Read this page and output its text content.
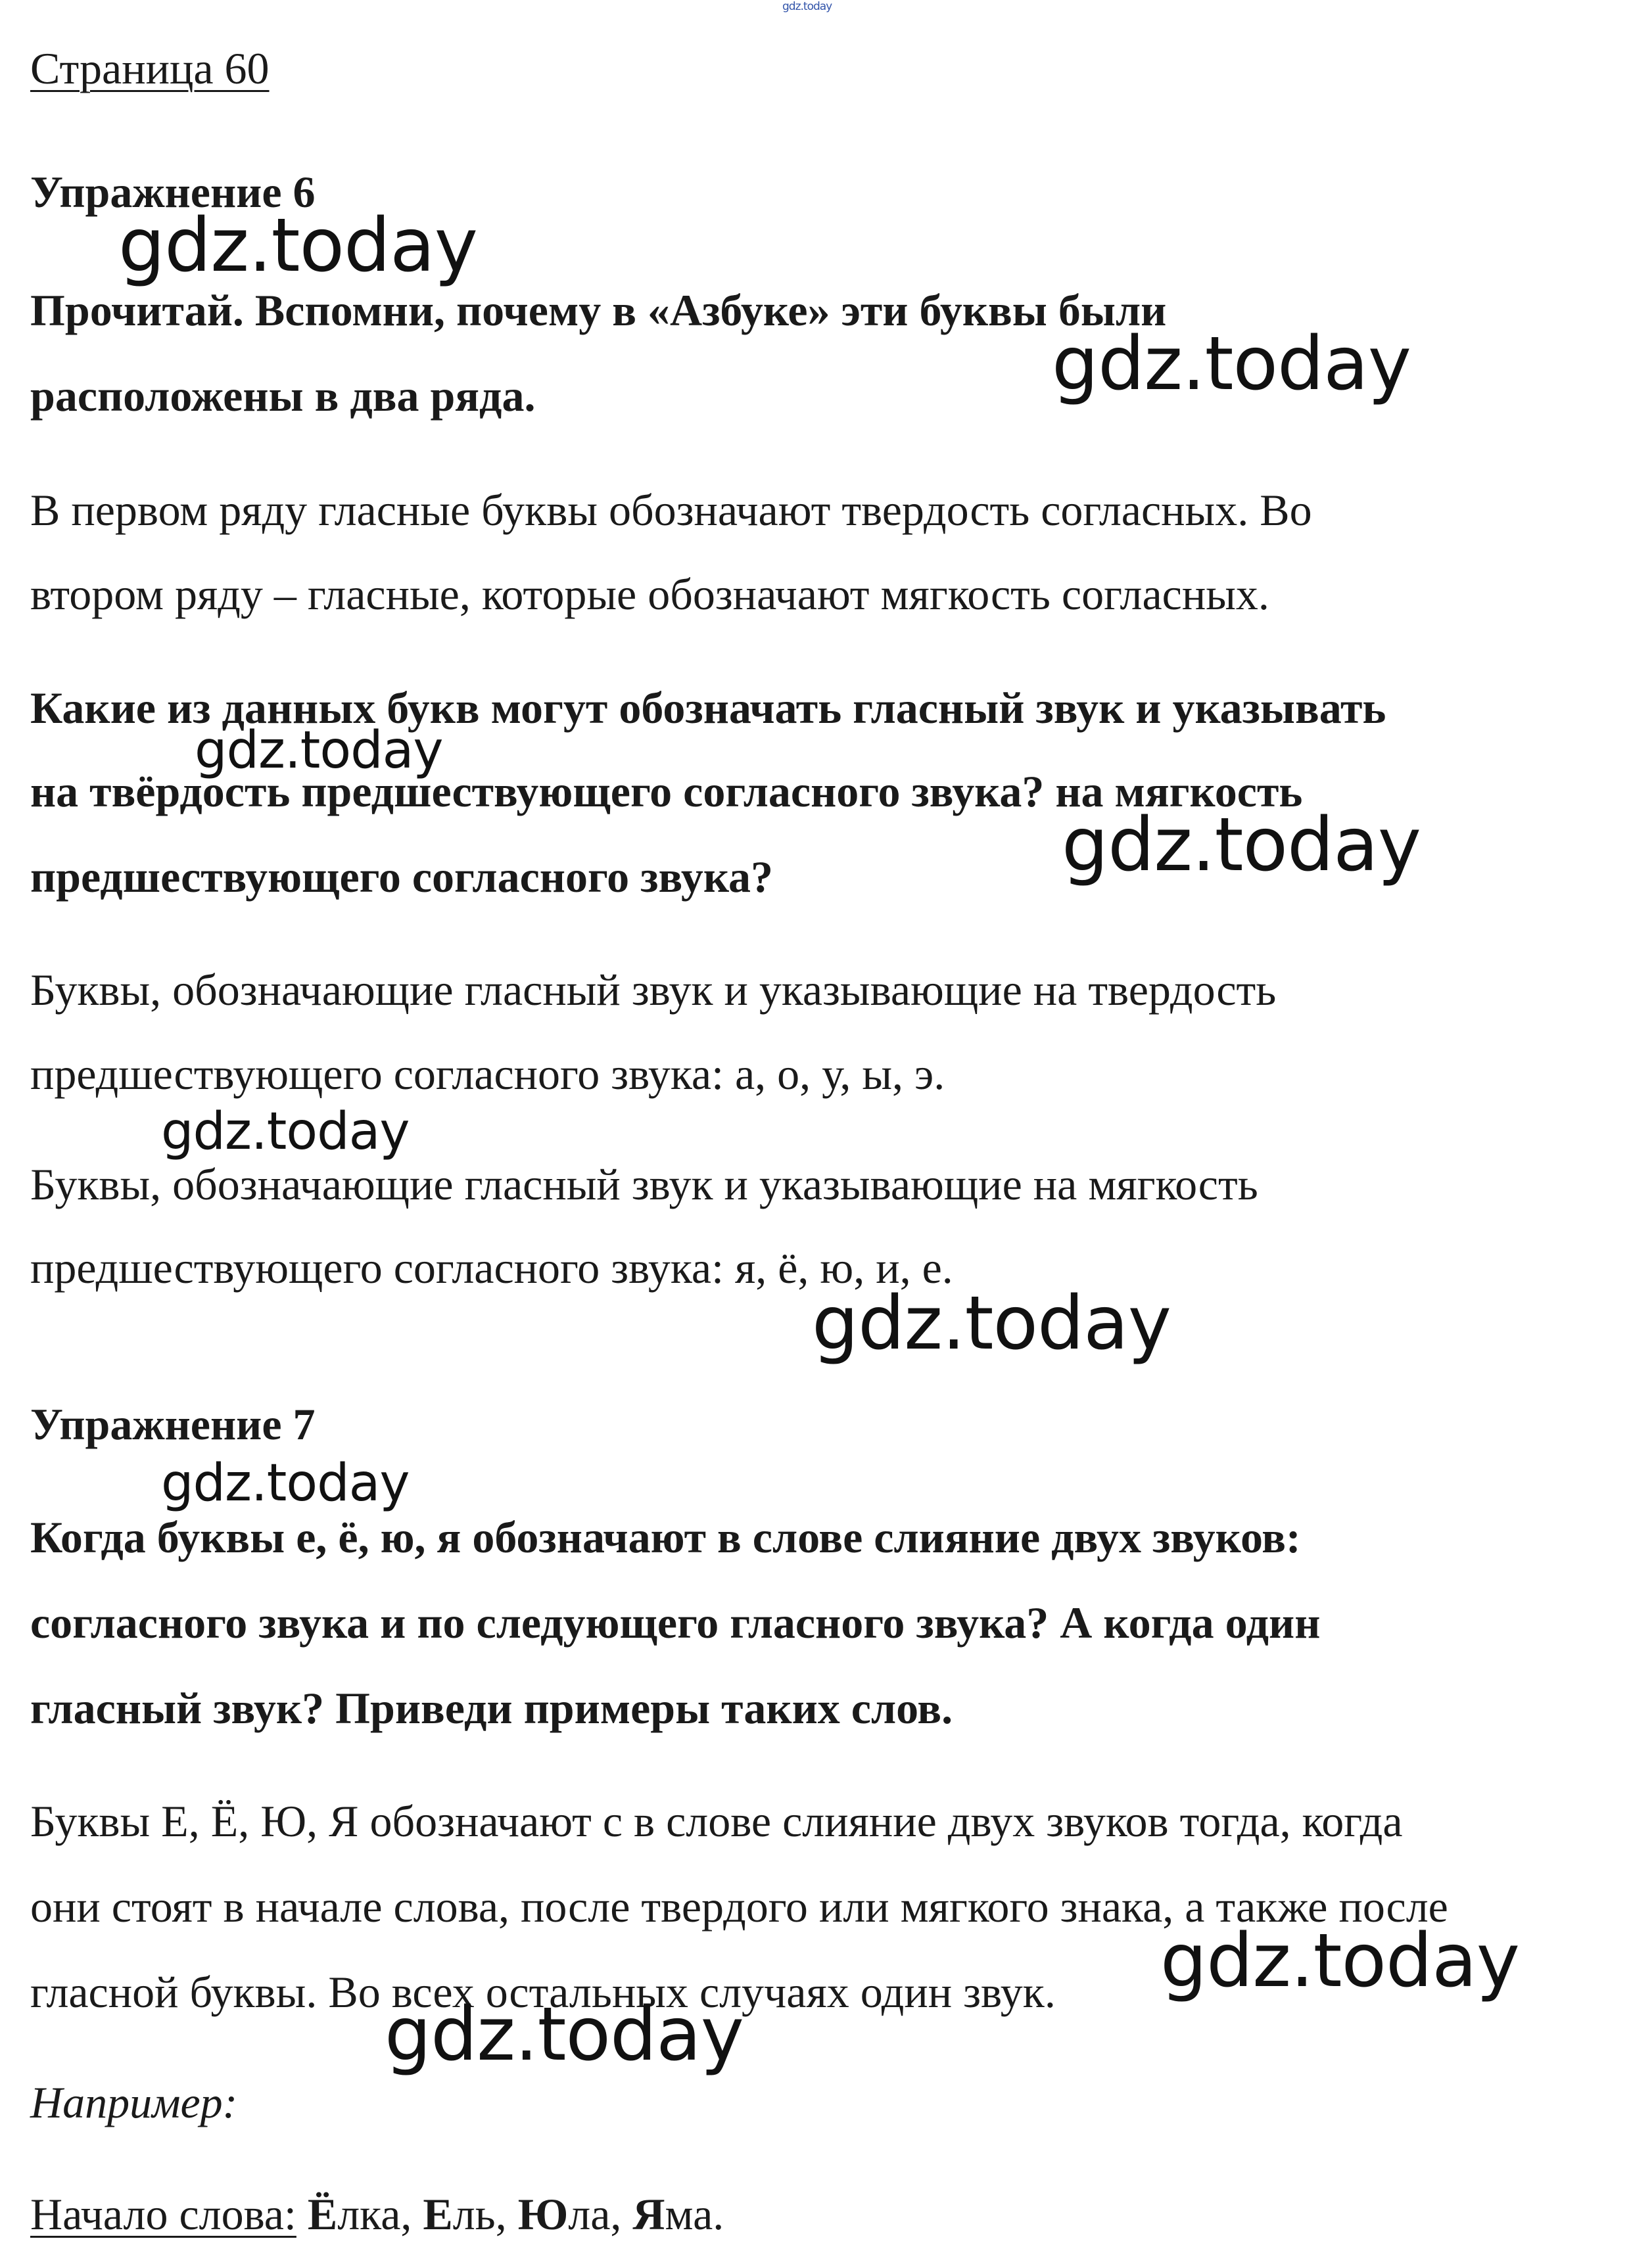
gdz.today
Страница 60
Упражнение 6
Прочитай. Вспомни, почему в «Азбуке» эти буквы были
расположены в два ряда.
В первом ряду гласные буквы обозначают твердость согласных. Во
втором ряду – гласные, которые обозначают мягкость согласных.
Какие из данных букв могут обозначать гласный звук и указывать
на твёрдость предшествующего согласного звука? на мягкость
предшествующего согласного звука?
Буквы, обозначающие гласный звук и указывающие на твердость
предшествующего согласного звука: а, о, у, ы, э.
Буквы, обозначающие гласный звук и указывающие на мягкость
предшествующего согласного звука: я, ё, ю, и, е.
Упражнение 7
Когда буквы е, ё, ю, я обозначают в слове слияние двух звуков:
согласного звука и по следующего гласного звука? А когда один
гласный звук? Приведи примеры таких слов.
Буквы Е, Ё, Ю, Я обозначают с в слове слияние двух звуков тогда, когда
они стоят в начале слова, после твердого или мягкого знака, а также после
гласной буквы. Во всех остальных случаях один звук.
Например:
Начало слова: Ёлка, Ель, Юла, Яма.
gdz.today
gdz.today
gdz.today
gdz.today
gdz.today
gdz.today
gdz.today
gdz.today
gdz.today
